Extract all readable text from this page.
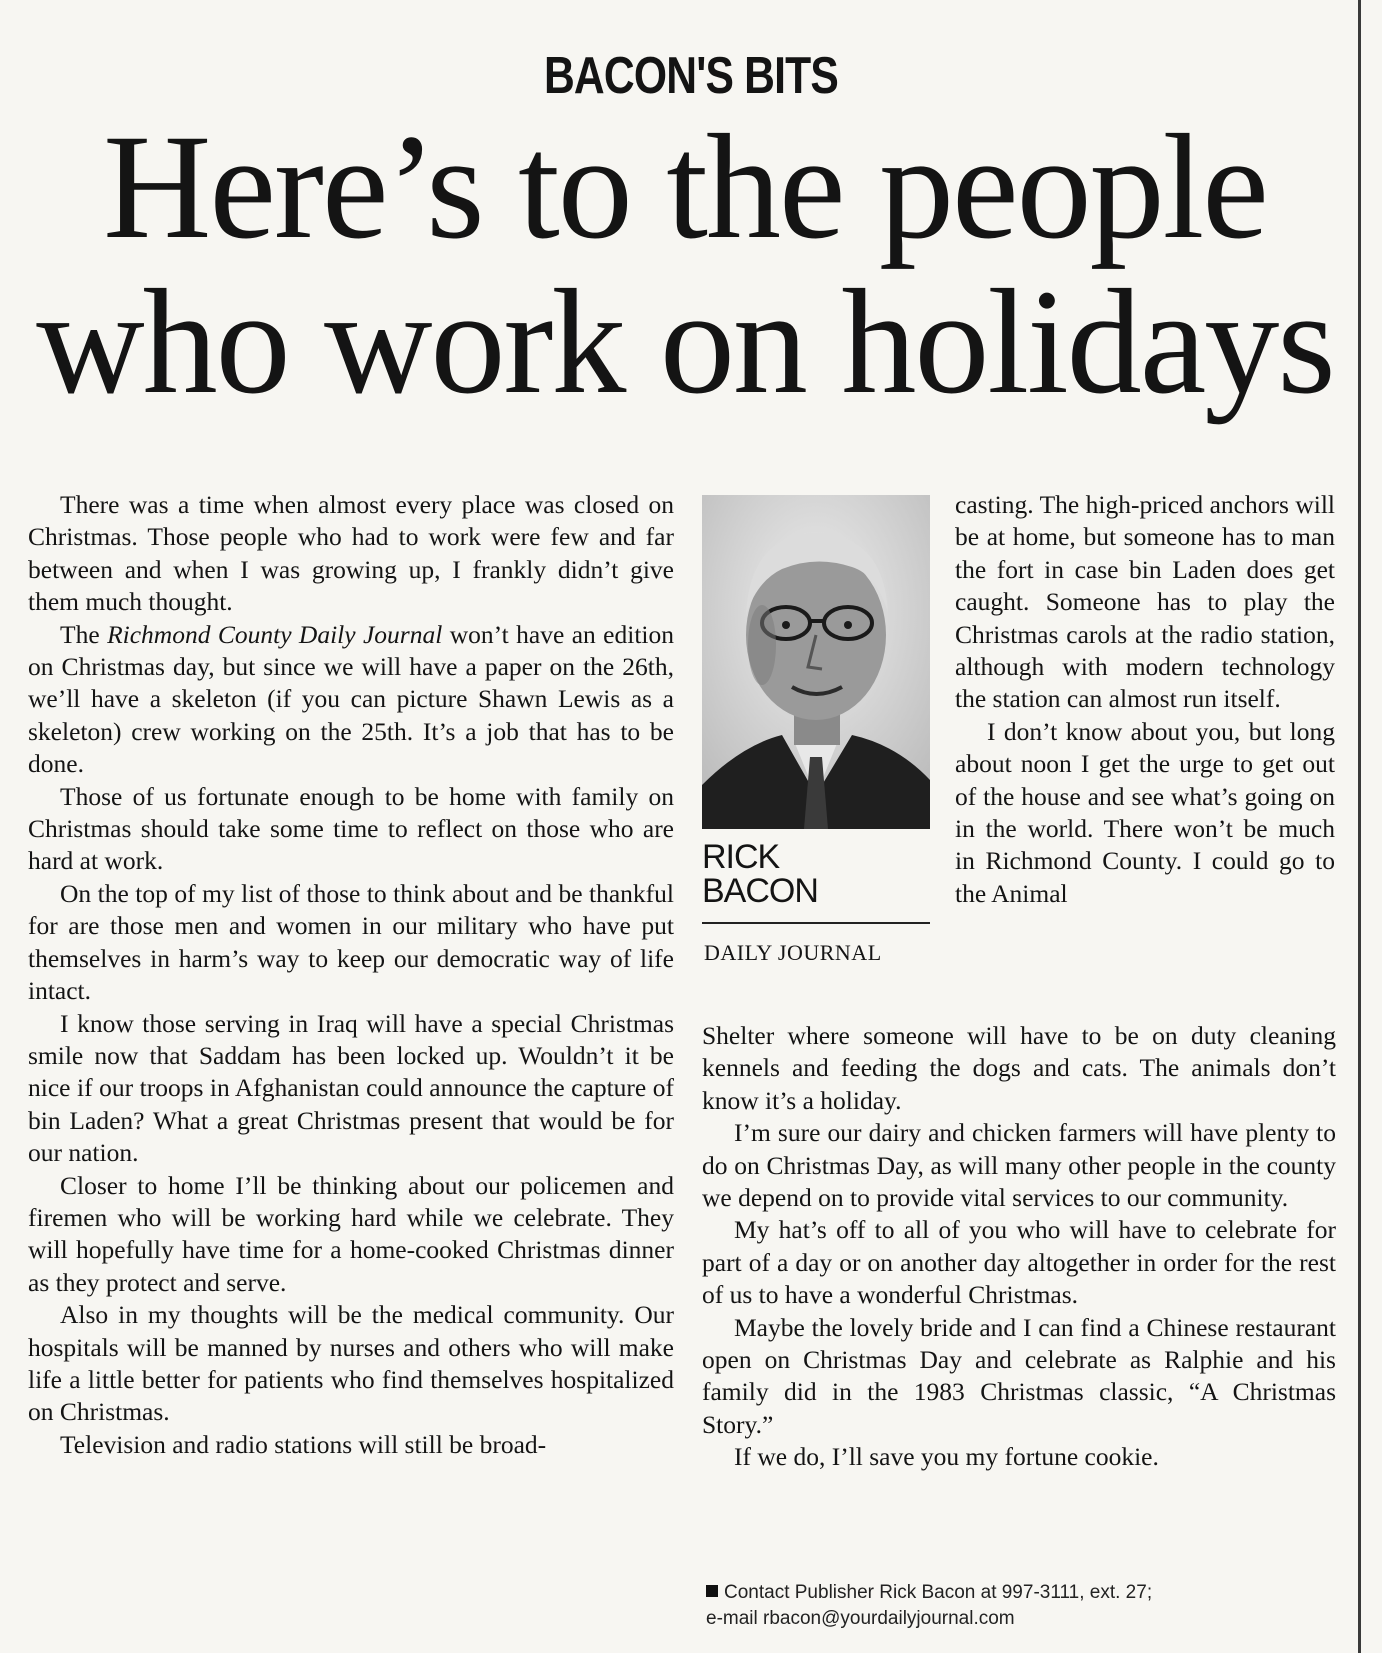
BACON'S BITS
Here’s to the people
who work on holidays

There was a time when almost every place was closed on Christmas. Those people who had to work were few and far between and when I was growing up, I frankly didn’t give them much thought.

The Richmond County Daily Journal won’t have an edition on Christmas day, but since we will have a paper on the 26th, we’ll have a skeleton (if you can picture Shawn Lewis as a skeleton) crew working on the 25th. It’s a job that has to be done.

Those of us fortunate enough to be home with family on Christmas should take some time to reflect on those who are hard at work.

On the top of my list of those to think about and be thankful for are those men and women in our military who have put themselves in harm’s way to keep our democratic way of life intact.

I know those serving in Iraq will have a special Christmas smile now that Saddam has been locked up. Wouldn’t it be nice if our troops in Afghanistan could announce the capture of bin Laden? What a great Christmas present that would be for our nation.

Closer to home I’ll be thinking about our policemen and firemen who will be working hard while we celebrate. They will hopefully have time for a home-cooked Christmas dinner as they protect and serve.

Also in my thoughts will be the medical community. Our hospitals will be manned by nurses and others who will make life a little better for patients who find themselves hospitalized on Christmas.

Television and radio stations will still be broad-

RICK
BACON
DAILY JOURNAL

casting. The high-priced anchors will be at home, but someone has to man the fort in case bin Laden does get caught. Someone has to play the Christmas carols at the radio station, although with modern technology the station can almost run itself.

I don’t know about you, but long about noon I get the urge to get out of the house and see what’s going on in the world. There won’t be much in Richmond County. I could go to the Animal

Shelter where someone will have to be on duty cleaning kennels and feeding the dogs and cats. The animals don’t know it’s a holiday.

I’m sure our dairy and chicken farmers will have plenty to do on Christmas Day, as will many other people in the county we depend on to provide vital services to our community.

My hat’s off to all of you who will have to celebrate for part of a day or on another day altogether in order for the rest of us to have a wonderful Christmas.

Maybe the lovely bride and I can find a Chinese restaurant open on Christmas Day and celebrate as Ralphie and his family did in the 1983 Christmas classic, “A Christmas Story.”

If we do, I’ll save you my fortune cookie.

Contact Publisher Rick Bacon at 997-3111, ext. 27;
e-mail rbacon@yourdailyjournal.com
